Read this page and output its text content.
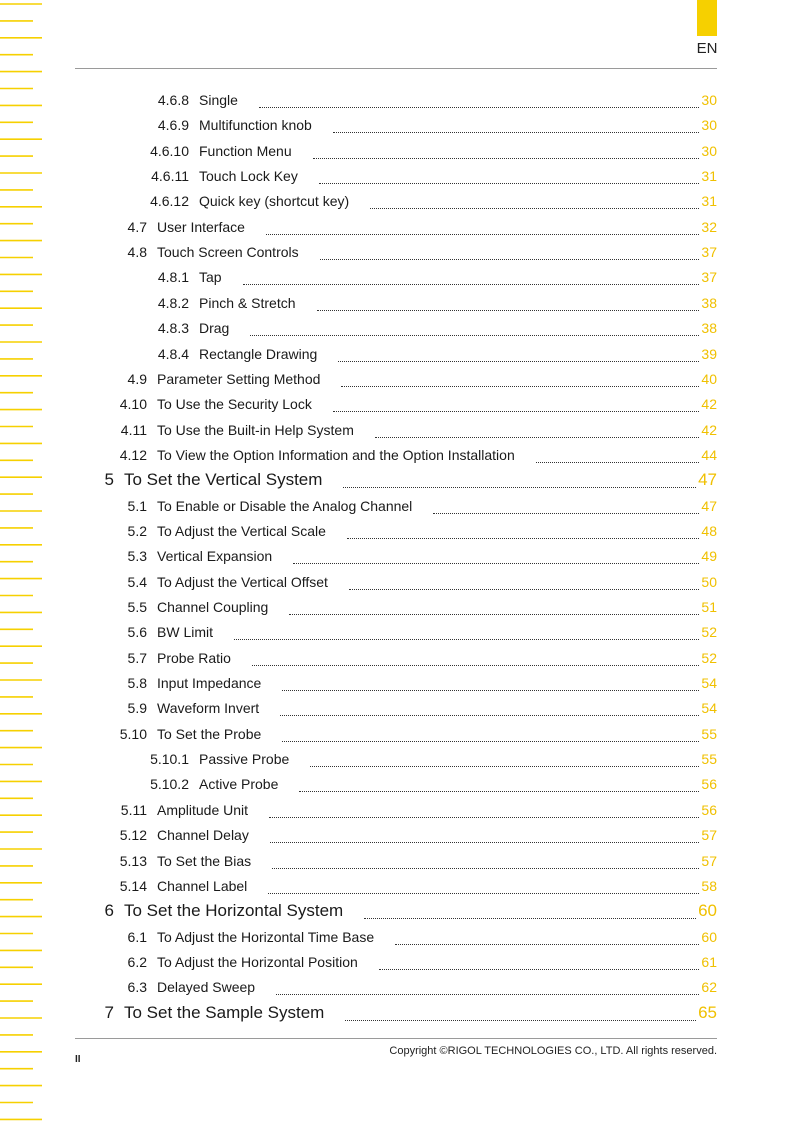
EN
4.6.8 Single	30
4.6.9 Multifunction knob	30
4.6.10 Function Menu	30
4.6.11 Touch Lock Key	31
4.6.12 Quick key (shortcut key)	31
4.7 User Interface	32
4.8 Touch Screen Controls	37
4.8.1 Tap	37
4.8.2 Pinch & Stretch	38
4.8.3 Drag	38
4.8.4 Rectangle Drawing	39
4.9 Parameter Setting Method	40
4.10 To Use the Security Lock	42
4.11 To Use the Built-in Help System	42
4.12 To View the Option Information and the Option Installation	44
5 To Set the Vertical System	47
5.1 To Enable or Disable the Analog Channel	47
5.2 To Adjust the Vertical Scale	48
5.3 Vertical Expansion	49
5.4 To Adjust the Vertical Offset	50
5.5 Channel Coupling	51
5.6 BW Limit	52
5.7 Probe Ratio	52
5.8 Input Impedance	54
5.9 Waveform Invert	54
5.10 To Set the Probe	55
5.10.1 Passive Probe	55
5.10.2 Active Probe	56
5.11 Amplitude Unit	56
5.12 Channel Delay	57
5.13 To Set the Bias	57
5.14 Channel Label	58
6 To Set the Horizontal System	60
6.1 To Adjust the Horizontal Time Base	60
6.2 To Adjust the Horizontal Position	61
6.3 Delayed Sweep	62
7 To Set the Sample System	65
Copyright ©RIGOL TECHNOLOGIES CO., LTD. All rights reserved.
II
